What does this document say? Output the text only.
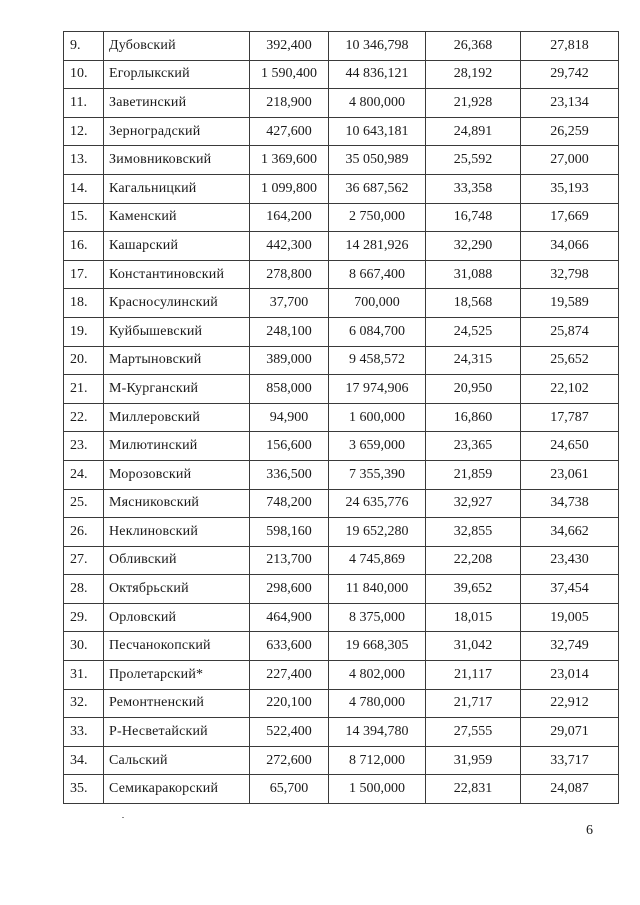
9.	Дубовский	392,400	10 346,798	26,368	27,818
10.	Егорлыкский	1 590,400	44 836,121	28,192	29,742
11.	Заветинский	218,900	4 800,000	21,928	23,134
12.	Зерноградский	427,600	10 643,181	24,891	26,259
13.	Зимовниковский	1 369,600	35 050,989	25,592	27,000
14.	Кагальницкий	1 099,800	36 687,562	33,358	35,193
15.	Каменский	164,200	2 750,000	16,748	17,669
16.	Кашарский	442,300	14 281,926	32,290	34,066
17.	Константиновский	278,800	8 667,400	31,088	32,798
18.	Красносулинский	37,700	700,000	18,568	19,589
19.	Куйбышевский	248,100	6 084,700	24,525	25,874
20.	Мартыновский	389,000	9 458,572	24,315	25,652
21.	М-Курганский	858,000	17 974,906	20,950	22,102
22.	Миллеровский	94,900	1 600,000	16,860	17,787
23.	Милютинский	156,600	3 659,000	23,365	24,650
24.	Морозовский	336,500	7 355,390	21,859	23,061
25.	Мясниковский	748,200	24 635,776	32,927	34,738
26.	Неклиновский	598,160	19 652,280	32,855	34,662
27.	Обливский	213,700	4 745,869	22,208	23,430
28.	Октябрьский	298,600	11 840,000	39,652	37,454
29.	Орловский	464,900	8 375,000	18,015	19,005
30.	Песчанокопский	633,600	19 668,305	31,042	32,749
31.	Пролетарский*	227,400	4 802,000	21,117	23,014
32.	Ремонтненский	220,100	4 780,000	21,717	22,912
33.	Р-Несветайский	522,400	14 394,780	27,555	29,071
34.	Сальский	272,600	8 712,000	31,959	33,717
35.	Семикаракорский	65,700	1 500,000	22,831	24,087
6
